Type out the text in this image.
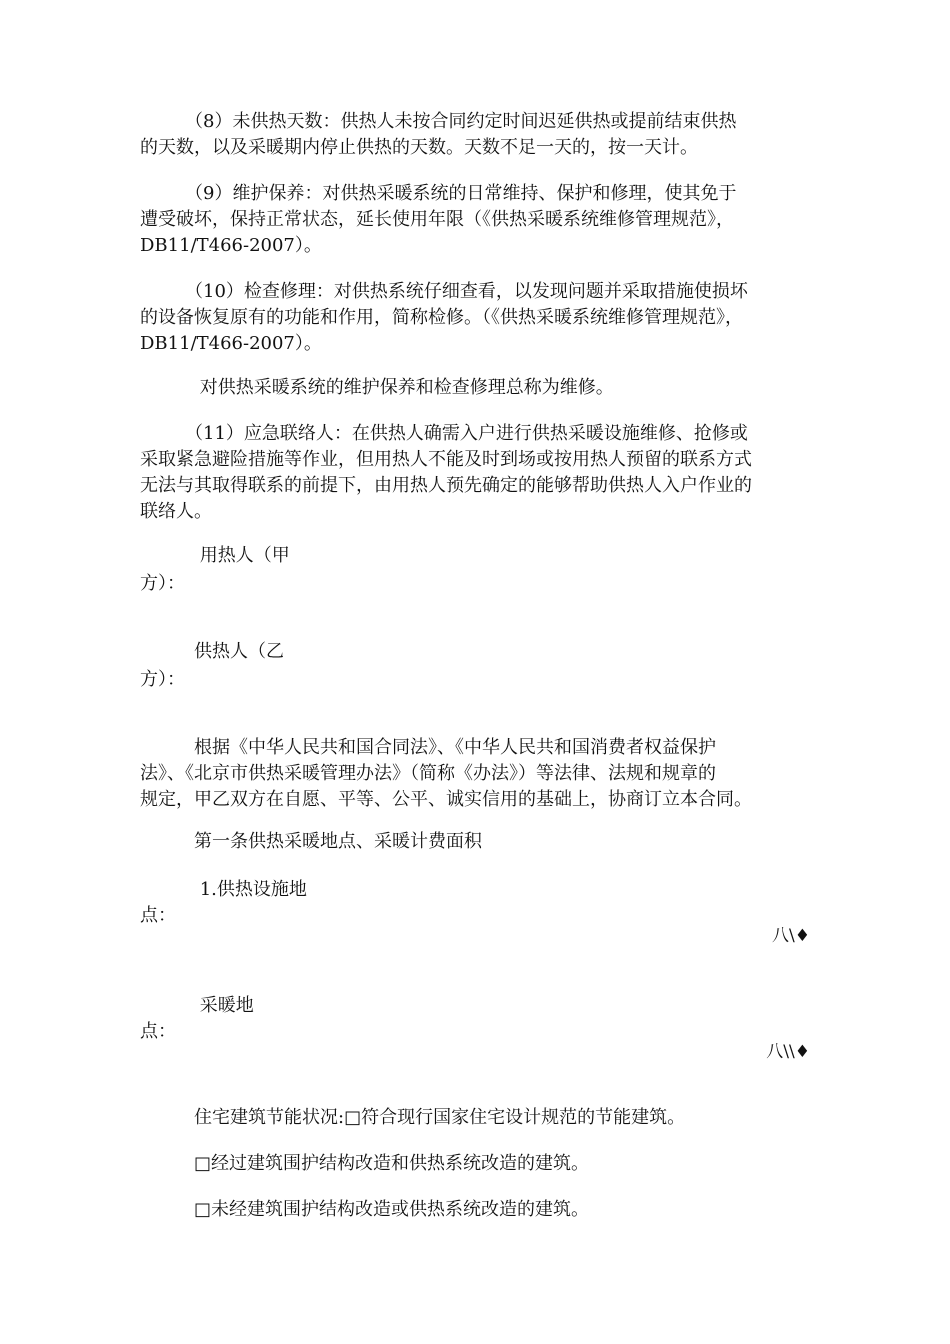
　　　（8）未供热天数：供热人未按合同约定时间迟延供热或提前结束供热
的天数，以及采暖期内停止供热的天数。天数不足一天的，按一天计。
　　　（9）维护保养：对供热采暖系统的日常维持、保护和修理，使其免于
遭受破坏，保持正常状态，延长使用年限（《供热采暖系统维修管理规范》，
DB11/T466-2007）。
　　　（10）检查修理：对供热系统仔细查看，以发现问题并采取措施使损坏
的设备恢复原有的功能和作用，简称检修。（《供热采暖系统维修管理规范》，
DB11/T466-2007）。
　　　 对供热采暖系统的维护保养和检查修理总称为维修。
　　　（11）应急联络人：在供热人确需入户进行供热采暖设施维修、抢修或
采取紧急避险措施等作业，但用热人不能及时到场或按用热人预留的联系方式
无法与其取得联系的前提下，由用热人预先确定的能够帮助供热人入户作业的
联络人。
　　　 用热人（甲
方）：
　　　供热人（乙
方）：
　　　根据《中华人民共和国合同法》、《中华人民共和国消费者权益保护
法》、《北京市供热采暖管理办法》（简称《办法》）等法律、法规和规章的
规定，甲乙双方在自愿、平等、公平、诚实信用的基础上，协商订立本合同。
　　　第一条供热采暖地点、采暖计费面积
　　　 1.供热设施地
点：
八\♦
　　　 采暖地
点：
八\\♦
　　　住宅建筑节能状况:□符合现行国家住宅设计规范的节能建筑。
　　　□经过建筑围护结构改造和供热系统改造的建筑。
　　　□未经建筑围护结构改造或供热系统改造的建筑。
